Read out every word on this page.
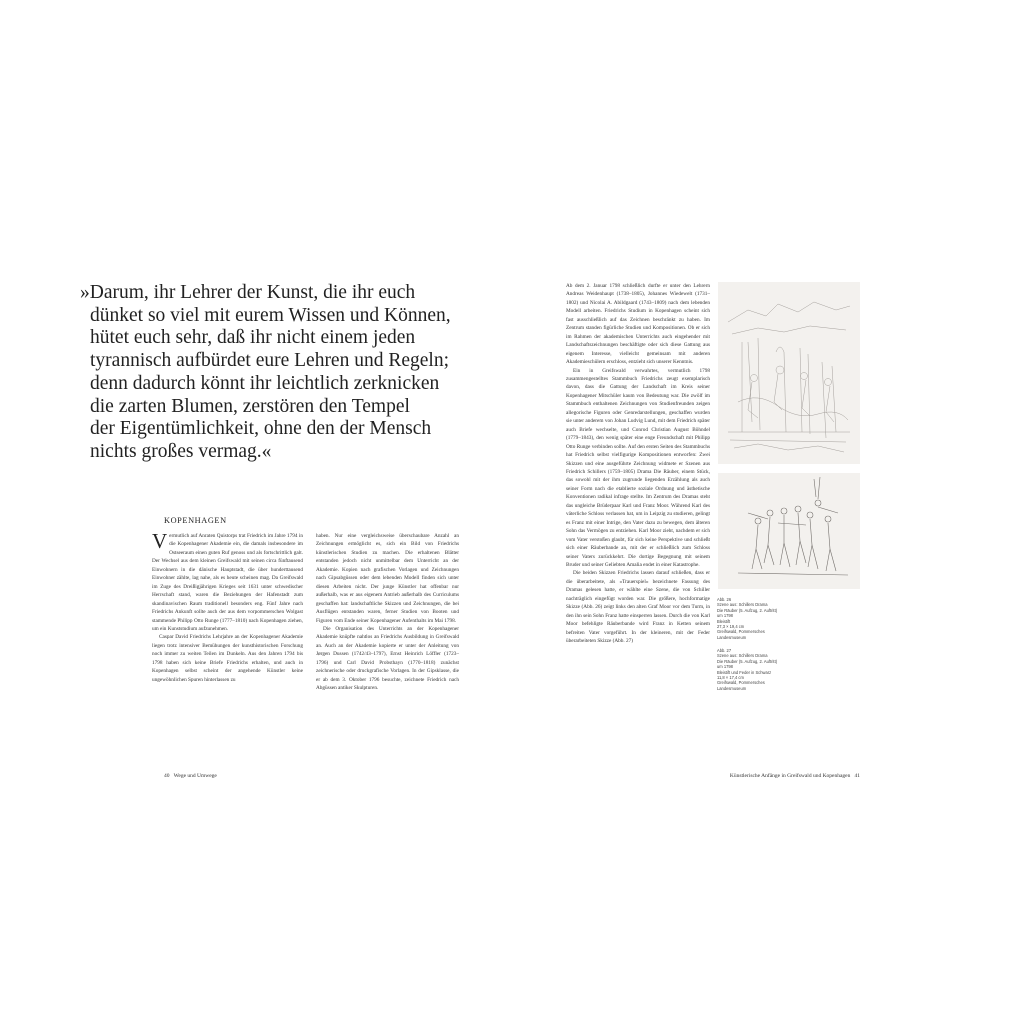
»Darum, ihr Lehrer der Kunst, die ihr euch
dünket so viel mit eurem Wissen und Können,
hütet euch sehr, daß ihr nicht einem jeden
tyrannisch aufbürdet eure Lehren und Regeln;
denn dadurch könnt ihr leichtlich zerknicken
die zarten Blumen, zerstören den Tempel
der Eigentümlichkeit, ohne den der Mensch
nichts großes vermag.«
KOPENHAGEN

Vermutlich auf Anraten Quistorps trat Friedrich im Jahre 1794 in die Kopenhagener Akademie ein, die damals insbesondere im Ostseeraum einen guten Ruf genoss und als fortschrittlich galt. Der Wechsel aus dem kleinen Greifswald mit seinen circa fünftausend Einwohnern in die dänische Hauptstadt, die über hunderttausend Einwohner zählte, lag nahe, als es heute scheinen mag. Da Greifswald im Zuge des Dreißigjährigen Krieges seit 1631 unter schwedischer Herrschaft stand, waren die Beziehungen der Hafenstadt zum skandinavischen Raum traditionell besonders eng. Fünf Jahre nach Friedrichs Ankunft sollte auch der aus dem vorpommerschen Wolgast stammende Philipp Otto Runge (1777–1810) nach Kopenhagen ziehen, um ein Kunststudium aufzunehmen.

Caspar David Friedrichs Lehrjahre an der Kopenhagener Akademie liegen trotz intensiver Bemühungen der kunsthistorischen Forschung noch immer zu weiten Teilen im Dunkeln. Aus den Jahren 1794 bis 1798 haben sich keine Briefe Friedrichs erhalten, und auch in Kopenhagen selbst scheint der angehende Künstler keine ungewöhnlichen Spuren hinterlassen zu

haben. Nur eine vergleichsweise überschaubare Anzahl an Zeichnungen ermöglicht es, sich ein Bild von Friedrichs künstlerischen Studien zu machen. Die erhaltenen Blätter entstanden jedoch nicht unmittelbar dem Unterricht an der Akademie. Kopien nach grafischen Vorlagen und Zeichnungen nach Gipsabgüssen oder dem lebenden Modell finden sich unter diesen Arbeiten nicht. Der junge Künstler hat offenbar nur außerhalb, was er aus eigenem Antrieb außerhalb des Curriculums geschaffen hat: landschaftliche Skizzen und Zeichnungen, die bei Ausflügen entstanden waren, ferner Studien von Booten und Figuren vom Ende seiner Kopenhagener Aufenthalts im Mai 1798.

Die Organisation des Unterrichts an der Kopenhagener Akademie knüpfte nahtlos an Friedrichs Ausbildung in Greifswald an. Auch an der Akademie kopierte er unter der Anleitung von Jørgen Dussen (1742/43–1797), Ernst Heinrich Löffler (1723–1796) und Carl David Probsthayn (1770–1818) zunächst zeichnerische oder druckgrafische Vorlagen. In der Gipsklasse, die er ab dem 3. Oktober 1796 besuchte, zeichnete Friedrich nach Abgüssen antiker Skulpturen.

Ab dem 2. Januar 1798 schließlich durfte er unter den Lehrern Andreas Weidenhaupt (1738–1805), Johannes Wiedewelt (1731–1802) und Nicolai A. Abildgaard (1743–1809) nach dem lebenden Modell arbeiten. Friedrichs Studium in Kopenhagen scheint sich fast ausschließlich auf das Zeichnen beschränkt zu haben. Im Zentrum standen figürliche Studien und Kompositionen. Ob er sich im Rahmen der akademischen Unterrichts auch eingehender mit Landschaftszeichnungen beschäftigte oder sich diese Gattung aus eigenem Interesse, vielleicht gemeinsam mit anderen Akademieschülern erschloss, entzieht sich unserer Kenntnis.

Ein in Greifswald verwahrtes, vermutlich 1798 zusammengestelltes Stammbuch Friedrichs zeugt exemplarisch davon, dass die Gattung der Landschaft im Kreis seiner Kopenhagener Mitschüler kaum von Bedeutung war. Die zwölf im Stammbuch enthaltenen Zeichnungen von Studienfreunden zeigen allegorische Figuren oder Genredarstellungen, geschaffen wurden sie unter anderem von Johan Ludvig Lund, mit dem Friedrich später auch Briefe wechselte, und Conrod Christian August Böhndel (1779–1843), den wenig später eine enge Freundschaft mit Philipp Otto Runge verbinden sollte. Auf den ersten Seiten des Stammbuchs hat Friedrich selbst vielfigurige Kompositionen entworfen: Zwei Skizzen und eine ausgeführte Zeichnung widmete er Szenen aus Friedrich Schillers (1759–1805) Drama Die Räuber, einem Stück, das sowohl mit der ihm zugrunde liegenden Erzählung als auch seiner Form nach die etablierte soziale Ordnung und ästhetische Konventionen radikal infrage stellte. Im Zentrum des Dramas steht das ungleiche Brüderpaar Karl und Franz Moor. Während Karl des väterliche Schloss verlassen hat, um in Leipzig zu studieren, gelingt es Franz mit einer Intrige, den Vater dazu zu bewegen, dem älteren Sohn das Vermögen zu entziehen. Karl Moor zieht, nachdem er sich vom Vater verstoßen glaubt, für sich keine Perspektive und schließt sich einer Räuberbande an, mit der er schließlich zum Schloss seiner Vaters zurückkehrt. Die dortige Begegnung mit seinem Bruder und seiner Geliebten Amalia endet in einer Katastrophe.

Die beiden Skizzen Friedrichs lassen darauf schließen, dass er die überarbeitete, als »Trauerspiel« bezeichnete Fassung des Dramas gelesen hatte, er wählte eine Szene, die von Schiller nachträglich eingefügt worden war. Die größere, hochformatige Skizze (Abb. 26) zeigt links den alten Graf Moor vor dem Turm, in den ihn sein Sohn Franz hatte einsperren lassen. Durch die von Karl Moor befehligte Räuberbande wird Franz in Ketten seinem befreiten Vater vorgeführt. In der kleineren, mit der Feder überarbeiteten Skizze (Abb. 27)

Abb. 26
Szene aus: Schillers Drama
Die Räuber (5. Aufzug, 2. Auftritt)
um 1798
Bleistift
27,3 × 19,4 cm
Greifswald, Pommersches Landesmuseum
Abb. 27
Szene aus: Schillers Drama
Die Räuber (5. Aufzug, 2. Auftritt)
um 1798
Bleistift und Feder in Schwarz
11,8 × 17,4 cm
Greifswald, Pommersches Landesmuseum
40 Wege und Umwege	Künstlerische Anfänge in Greifswald und Kopenhagen 41
